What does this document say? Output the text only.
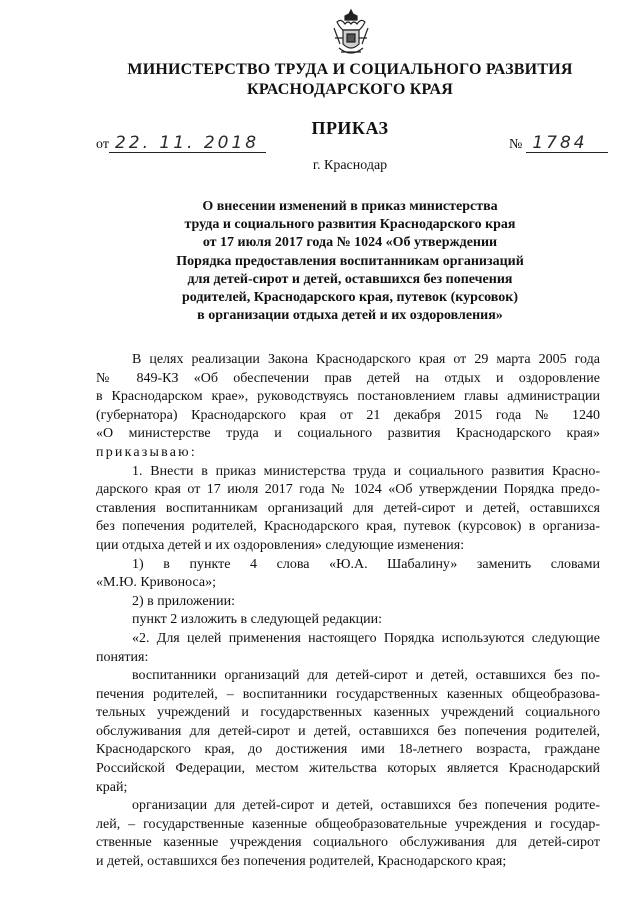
МИНИСТЕРСТВО ТРУДА И СОЦИАЛЬНОГО РАЗВИТИЯ
КРАСНОДАРСКОГО КРАЯ
ПРИКАЗ
от 22. 11. 2018	№ 1784
г. Краснодар
О внесении изменений в приказ министерства
труда и социального развития Краснодарского края
от 17 июля 2017 года № 1024 «Об утверждении
Порядка предоставления воспитанникам организаций
для детей-сирот и детей, оставшихся без попечения
родителей, Краснодарского края, путевок (курсовок)
в организации отдыха детей и их оздоровления»
В целях реализации Закона Краснодарского края от 29 марта 2005 года
№ 849-КЗ «Об обеспечении прав детей на отдых и оздоровление
в Краснодарском крае», руководствуясь постановлением главы администрации
(губернатора) Краснодарского края от 21 декабря 2015 года № 1240
«О министерстве труда и социального развития Краснодарского края»
приказываю:
1. Внести в приказ министерства труда и социального развития Красно-
дарского края от 17 июля 2017 года № 1024 «Об утверждении Порядка предо-
ставления воспитанникам организаций для детей-сирот и детей, оставшихся
без попечения родителей, Краснодарского края, путевок (курсовок) в организа-
ции отдыха детей и их оздоровления» следующие изменения:
1) в пункте 4 слова «Ю.А. Шабалину» заменить словами
«М.Ю. Кривоноса»;
2) в приложении:
пункт 2 изложить в следующей редакции:
«2. Для целей применения настоящего Порядка используются следующие
понятия:
воспитанники организаций для детей-сирот и детей, оставшихся без по-
печения родителей, – воспитанники государственных казенных общеобразова-
тельных учреждений и государственных казенных учреждений социального
обслуживания для детей-сирот и детей, оставшихся без попечения родителей,
Краснодарского края, до достижения ими 18-летнего возраста, граждане
Российской Федерации, местом жительства которых является Краснодарский
край;
организации для детей-сирот и детей, оставшихся без попечения родите-
лей, – государственные казенные общеобразовательные учреждения и государ-
ственные казенные учреждения социального обслуживания для детей-сирот
и детей, оставшихся без попечения родителей, Краснодарского края;
